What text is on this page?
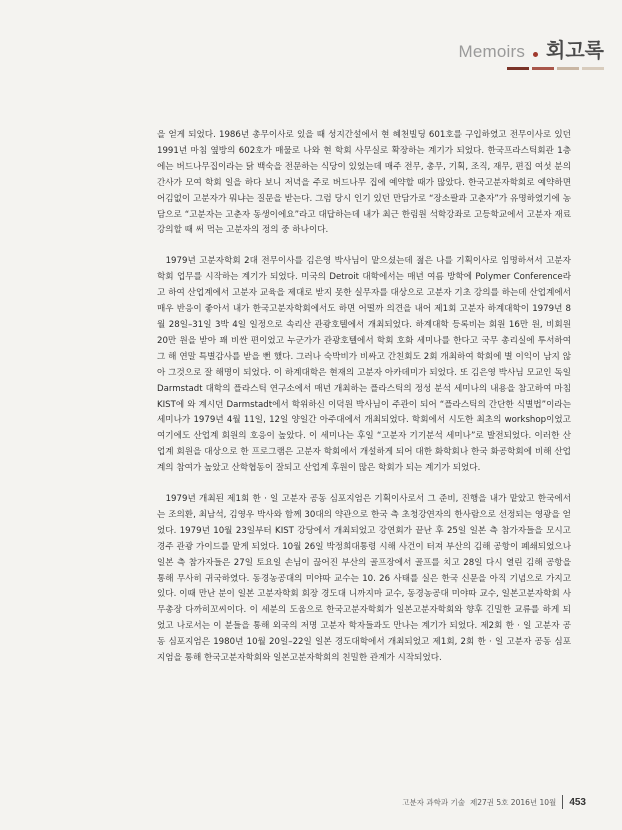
Memoirs 회고록

을 얻게 되었다. 1986년 총무이사로 있을 때 성지간설에서 현 혜천빌딩 601호를 구입하였고 전무이사로 있던 1991년 마침 옆방의 602호가 매물로 나와 현 학회 사무실로 확장하는 계기가 되었다. 한국프라스틱회관 1층에는 버드나무집이라는 닭 백숙을 전문하는 식당이 있었는데 매주 전무, 총무, 기획, 조직, 재무, 편집 여섯 분의 간사가 모여 학회 일을 하다 보니 저녁을 주로 버드나무 집에 예약할 때가 많았다. 한국고분자학회로 예약하면 어김없이 고분자가 뭐냐는 질문을 받는다. 그럼 당시 인기 있던 만담가로 “장소팔과 고춘자”가 유명하였기에 농담으로 “고분자는 고춘자 동생이에요”라고 대답하는데 내가 최근 한림원 석학강좌로 고등학교에서 고분자 재료 강의할 때 써 먹는 고분자의 정의 중 하나이다.

1979년 고분자학회 2대 전무이사를 김은영 박사님이 맡으셨는데 젊은 나를 기획이사로 임명하셔서 고분자학회 업무를 시작하는 계기가 되었다. 미국의 Detroit 대학에서는 매년 여름 방학에 Polymer Conference라고 하여 산업계에서 고분자 교육을 제대로 받지 못한 실무자를 대상으로 고분자 기초 강의를 하는데 산업계에서 매우 반응이 좋아서 내가 한국고분자학회에서도 하면 어떨까 의견을 내어 제1회 고분자 하계대학이 1979년 8월 28일–31일 3박 4일 일정으로 속리산 관광호텔에서 개최되었다. 하계대학 등록비는 회원 16만 원, 비회원 20만 원을 받아 꽤 비싼 편이었고 누군가가 관광호텔에서 학회 호화 세미나를 한다고 국무 총리실에 투서하여 그 해 연말 특별감사를 받을 뻔 했다. 그러나 숙박비가 비싸고 간친회도 2회 개최하여 학회에 별 이익이 남지 않아 그것으로 잘 해명이 되었다. 이 하계대학은 현재의 고분자 아카데미가 되었다. 또 김은영 박사님 모교인 독일 Darmstadt 대학의 플라스틱 연구소에서 매년 개최하는 플라스틱의 정성 분석 세미나의 내용을 참고하여 마침 KIST에 와 계시던 Darmstadt에서 학위하신 이덕원 박사님이 주관이 되어 “플라스틱의 간단한 식별법”이라는 세미나가 1979년 4월 11일, 12일 양일간 아주대에서 개최되었다. 학회에서 시도한 최초의 workshop이었고 여기에도 산업계 회원의 호응이 높았다. 이 세미나는 후일 “고분자 기기분석 세미나”로 발전되었다. 이러한 산업계 회원을 대상으로 한 프로그램은 고분자 학회에서 개설하게 되어 대한 화학회나 한국 화공학회에 비해 산업계의 참여가 높았고 산학협동이 잘되고 산업계 후원이 많은 학회가 되는 계기가 되었다.

1979년 개최된 제1회 한 · 일 고분자 공동 심포지엄은 기획이사로서 그 준비, 진행을 내가 맡았고 한국에서는 조의환, 최남석, 김영우 박사와 함께 30대의 약관으로 한국 측 초청강연자의 한사람으로 선정되는 영광을 얻었다. 1979년 10월 23일부터 KIST 강당에서 개최되었고 강연회가 끝난 후 25일 일본 측 참가자들을 모시고 경주 관광 가이드를 맡게 되었다. 10월 26일 박정희대통령 시해 사건이 터져 부산의 김해 공항이 폐쇄되었으나 일본 측 참가자들은 27일 토요일 손님이 끊어진 부산의 골프장에서 골프를 치고 28일 다시 열린 김해 공항을 통해 무사히 귀국하였다. 동경농공대의 미야따 교수는 10. 26 사태를 실은 한국 신문을 아직 기념으로 가지고 있다. 이때 만난 분이 일본 고분자학회 회장 경도대 니까지마 교수, 동경농공대 미야따 교수, 일본고분자학회 사무총장 다까히꼬씨이다. 이 세분의 도움으로 한국고분자학회가 일본고분자학회와 향후 긴밀한 교류를 하게 되었고 나로서는 이 분들을 통해 외국의 저명 고분자 학자들과도 만나는 계기가 되었다. 제2회 한 · 일 고분자 공동 심포지엄은 1980년 10월 20일–22일 일본 경도대학에서 개최되었고 제1회, 2회 한 · 일 고분자 공동 심포지엄을 통해 한국고분자학회와 일본고분자학회의 친밀한 관계가 시작되었다.

고분자 과학과 기술 제27권 5호 2016년 10월 453
